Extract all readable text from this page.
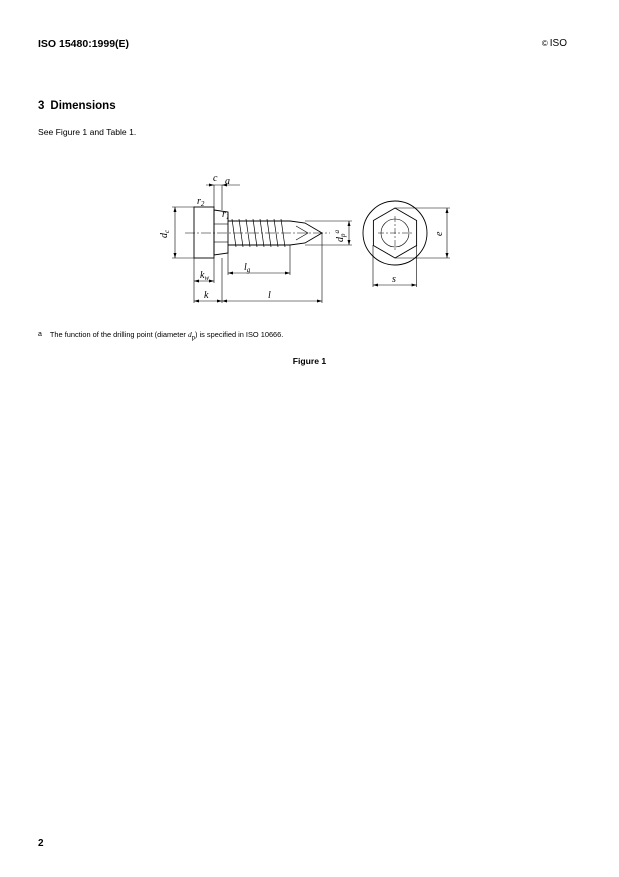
ISO 15480:1999(E)	© ISO
3 Dimensions
See Figure 1 and Table 1.
c a
$r_2$
$r_1$
$d_c$
$d_p^a$
$k_w$
$l_g$
k	l
e
s
a The function of the drilling point (diameter $d_p$) is specified in ISO 10666.
Figure 1
2
